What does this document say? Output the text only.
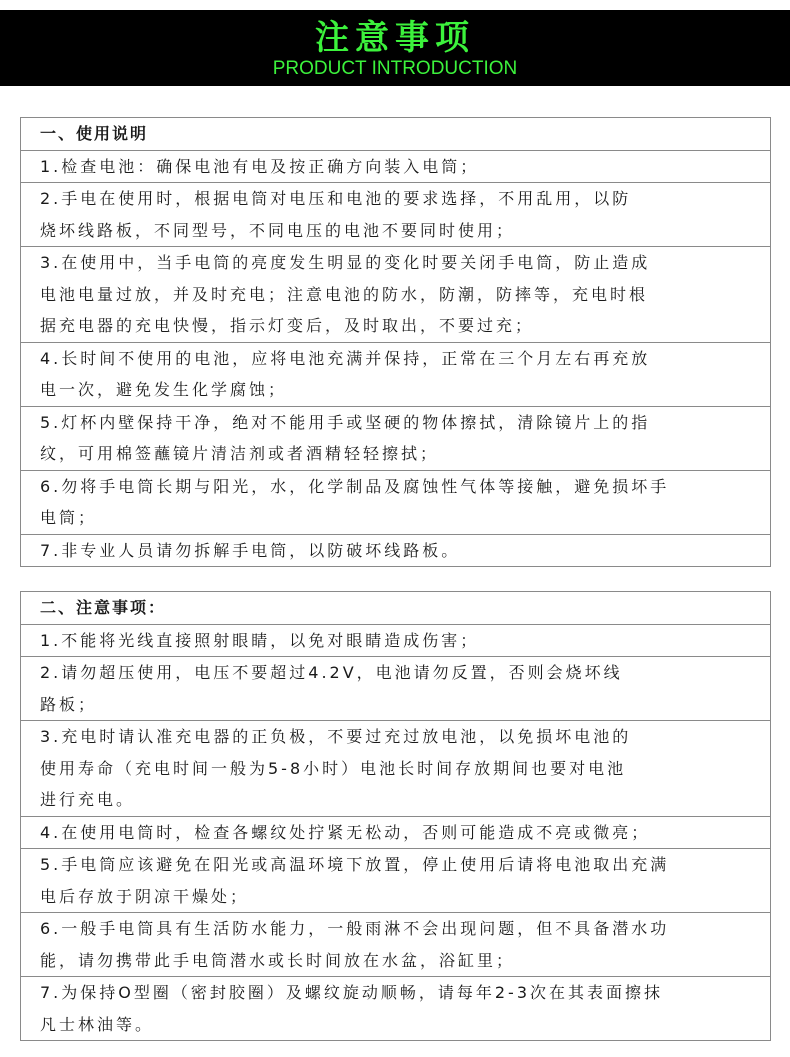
注意事项
PRODUCT INTRODUCTION
一、使用说明
1.检查电池：确保电池有电及按正确方向装入电筒；
2.手电在使用时，根据电筒对电压和电池的要求选择，不用乱用，以防
烧坏线路板，不同型号，不同电压的电池不要同时使用；
3.在使用中，当手电筒的亮度发生明显的变化时要关闭手电筒，防止造成
电池电量过放，并及时充电；注意电池的防水，防潮，防摔等，充电时根
据充电器的充电快慢，指示灯变后，及时取出，不要过充；
4.长时间不使用的电池，应将电池充满并保持，正常在三个月左右再充放
电一次，避免发生化学腐蚀；
5.灯杯内壁保持干净，绝对不能用手或坚硬的物体擦拭，清除镜片上的指
纹，可用棉签蘸镜片清洁剂或者酒精轻轻擦拭；
6.勿将手电筒长期与阳光，水，化学制品及腐蚀性气体等接触，避免损坏手
电筒；
7.非专业人员请勿拆解手电筒，以防破坏线路板。
二、注意事项：
1.不能将光线直接照射眼睛，以免对眼睛造成伤害；
2.请勿超压使用，电压不要超过4.2V，电池请勿反置，否则会烧坏线
路板；
3.充电时请认准充电器的正负极，不要过充过放电池，以免损坏电池的
使用寿命（充电时间一般为5-8小时）电池长时间存放期间也要对电池
进行充电。
4.在使用电筒时，检查各螺纹处拧紧无松动，否则可能造成不亮或微亮；
5.手电筒应该避免在阳光或高温环境下放置，停止使用后请将电池取出充满
电后存放于阴凉干燥处；
6.一般手电筒具有生活防水能力，一般雨淋不会出现问题，但不具备潜水功
能，请勿携带此手电筒潜水或长时间放在水盆，浴缸里；
7.为保持O型圈（密封胶圈）及螺纹旋动顺畅，请每年2-3次在其表面擦抹
凡士林油等。
